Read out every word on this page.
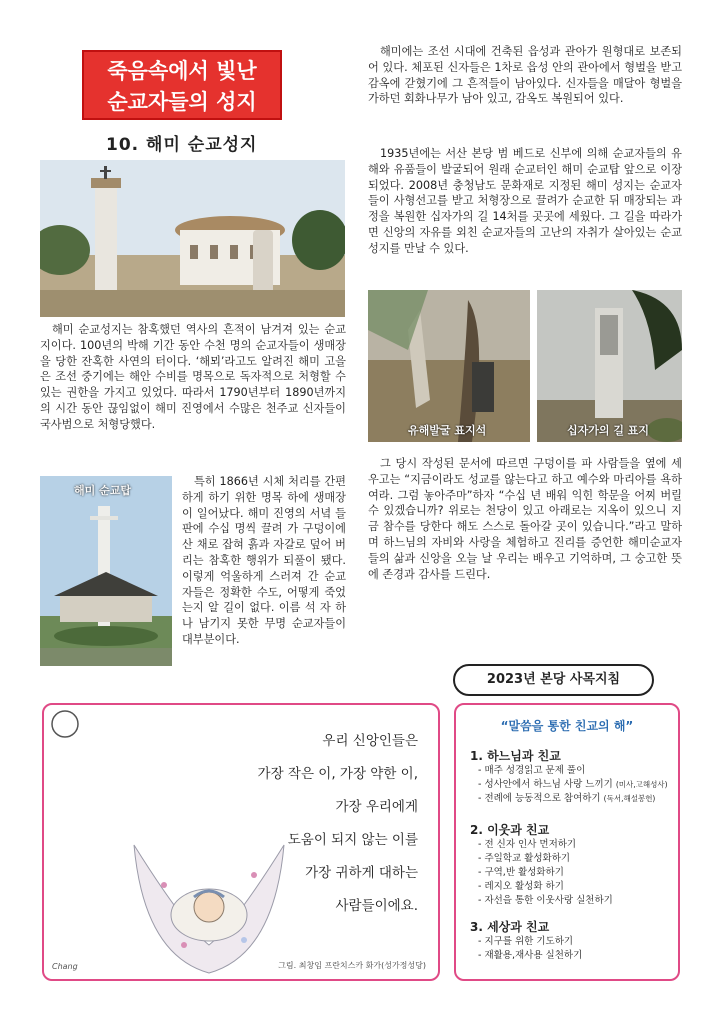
죽음속에서 빛난
순교자들의 성지
10. 해미 순교성지

해미 순교성지는 참혹했던 역사의 흔적이 남겨져 있는 순교지이다. 100년의 박해 기간 동안 수천 명의 순교자들이 생매장을 당한 잔혹한 사연의 터이다. ‘해뫼’라고도 알려진 해미 고을은 조선 중기에는 해안 수비를 명목으로 독자적으로 처형할 수 있는 권한을 가지고 있었다. 따라서 1790년부터 1890년까지의 시간 동안 끊임없이 해미 진영에서 수많은 천주교 신자들이 국사범으로 처형당했다.

해미 순교탑

특히 1866년 시체 처리를 간편하게 하기 위한 명목 하에 생매장이 일어났다. 해미 진영의 서녘 들판에 수십 명씩 끌려 가 구덩이에 산 채로 잡혀 흙과 자갈로 덮어 버리는 참혹한 행위가 되풀이 됐다. 이렇게 억울하게 스러져 간 순교자들은 정확한 수도, 어떻게 죽었는지 알 길이 없다. 이름 석 자 하나 남기지 못한 무명 순교자들이 대부분이다.

해미에는 조선 시대에 건축된 읍성과 관아가 원형대로 보존되어 있다. 체포된 신자들은 1차로 읍성 안의 관아에서 형벌을 받고 감옥에 갇혔기에 그 흔적들이 남아있다. 신자들을 매달아 형벌을 가하던 회화나무가 남아 있고, 감옥도 복원되어 있다.

1935년에는 서산 본당 범 베드로 신부에 의해 순교자들의 유해와 유품들이 발굴되어 원래 순교터인 해미 순교탑 앞으로 이장되었다. 2008년 충청남도 문화재로 지정된 해미 성지는 순교자들이 사형선고를 받고 처형장으로 끌려가 순교한 뒤 매장되는 과정을 복원한 십자가의 길 14처를 곳곳에 세웠다. 그 길을 따라가면 신앙의 자유를 외친 순교자들의 고난의 자취가 살아있는 순교성지를 만날 수 있다.

유해발굴 표지석	십자가의 길 표지

그 당시 작성된 문서에 따르면 구덩이를 파 사람들을 옆에 세우고는 “지금이라도 성교를 않는다고 하고 예수와 마리아를 욕하여라. 그럼 놓아주마”하자 “수십 년 배워 익힌 학문을 어찌 버릴 수 있겠습니까? 위로는 천당이 있고 아래로는 지옥이 있으니 지금 참수를 당한다 해도 스스로 돌아갈 곳이 있습니다.”라고 말하며 하느님의 자비와 사랑을 체험하고 진리를 증언한 해미순교자들의 삶과 신앙을 오늘 날 우리는 배우고 기억하며, 그 숭고한 뜻에 존경과 감사를 드린다.

2023년 본당 사목지침
우리 신앙인들은
가장 작은 이, 가장 약한 이,
가장 우리에게
도움이 되지 않는 이를
가장 귀하게 대하는
사람들이에요.
그림. 최창임 프란치스카 화가(성가정성당)
Chang
“말씀을 통한 친교의 해”
1. 하느님과 친교
- 매주 성경읽고 문제 풀이
- 성사안에서 하느님 사랑 느끼기 (미사,고해성사)
- 전례에 능동적으로 참여하기 (독서,해설봉헌)
2. 이웃과 친교
- 전 신자 인사 먼저하기
- 주일학교 활성화하기
- 구역,반 활성화하기
- 레지오 활성화 하기
- 자선을 통한 이웃사랑 실천하기
3. 세상과 친교
- 지구를 위한 기도하기
- 재활용,재사용 실천하기
